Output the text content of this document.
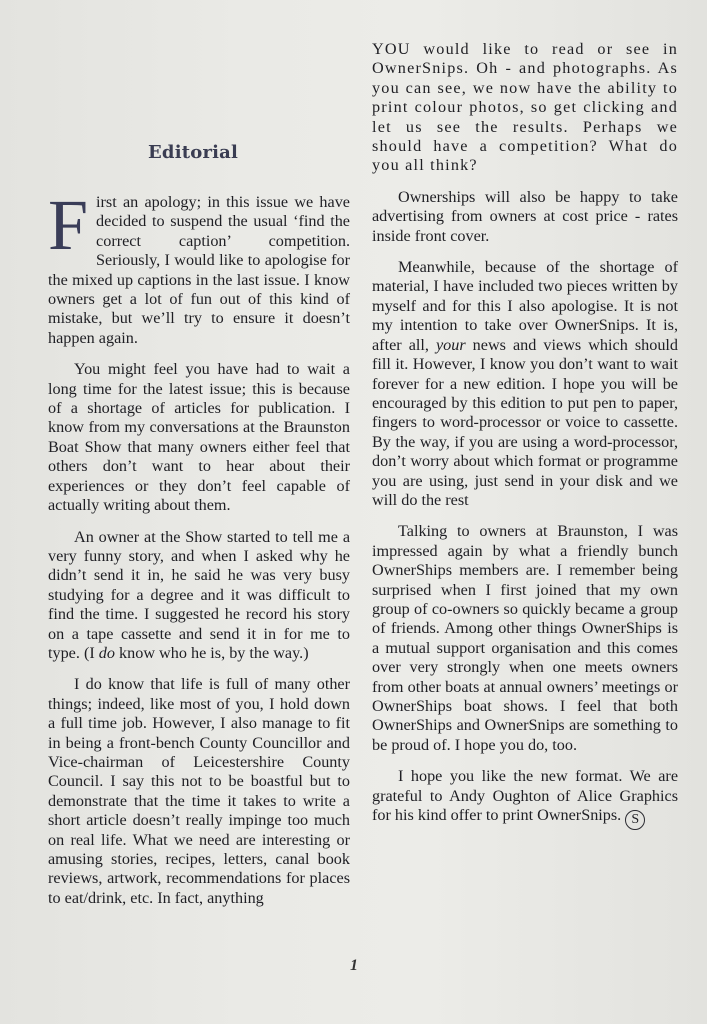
Editorial

First an apology; in this issue we have decided to suspend the usual ‘find the correct caption’ competition. Seriously, I would like to apologise for the mixed up captions in the last issue. I know owners get a lot of fun out of this kind of mistake, but we’ll try to ensure it doesn’t happen again.

You might feel you have had to wait a long time for the latest issue; this is because of a shortage of articles for publication. I know from my conversations at the Braunston Boat Show that many owners either feel that others don’t want to hear about their experiences or they don’t feel capable of actually writing about them.

An owner at the Show started to tell me a very funny story, and when I asked why he didn’t send it in, he said he was very busy studying for a degree and it was difficult to find the time. I suggested he record his story on a tape cassette and send it in for me to type. (I do know who he is, by the way.)

I do know that life is full of many other things; indeed, like most of you, I hold down a full time job. However, I also manage to fit in being a front-bench County Councillor and Vice-chairman of Leicestershire County Council. I say this not to be boastful but to demonstrate that the time it takes to write a short article doesn’t really impinge too much on real life. What we need are interesting or amusing stories, recipes, letters, canal book reviews, artwork, recommendations for places to eat/drink, etc. In fact, anything

YOU would like to read or see in OwnerSnips. Oh - and photographs. As you can see, we now have the ability to print colour photos, so get clicking and let us see the results. Perhaps we should have a competition? What do you all think?

Ownerships will also be happy to take advertising from owners at cost price - rates inside front cover.

Meanwhile, because of the shortage of material, I have included two pieces written by myself and for this I also apologise. It is not my intention to take over OwnerSnips. It is, after all, your news and views which should fill it. However, I know you don’t want to wait forever for a new edition. I hope you will be encouraged by this edition to put pen to paper, fingers to word-processor or voice to cassette. By the way, if you are using a word-processor, don’t worry about which format or programme you are using, just send in your disk and we will do the rest

Talking to owners at Braunston, I was impressed again by what a friendly bunch OwnerShips members are. I remember being surprised when I first joined that my own group of co-owners so quickly became a group of friends. Among other things OwnerShips is a mutual support organisation and this comes over very strongly when one meets owners from other boats at annual owners’ meetings or OwnerShips boat shows. I feel that both OwnerShips and OwnerSnips are something to be proud of. I hope you do, too.

I hope you like the new format. We are grateful to Andy Oughton of Alice Graphics for his kind offer to print OwnerSnips. S

1
